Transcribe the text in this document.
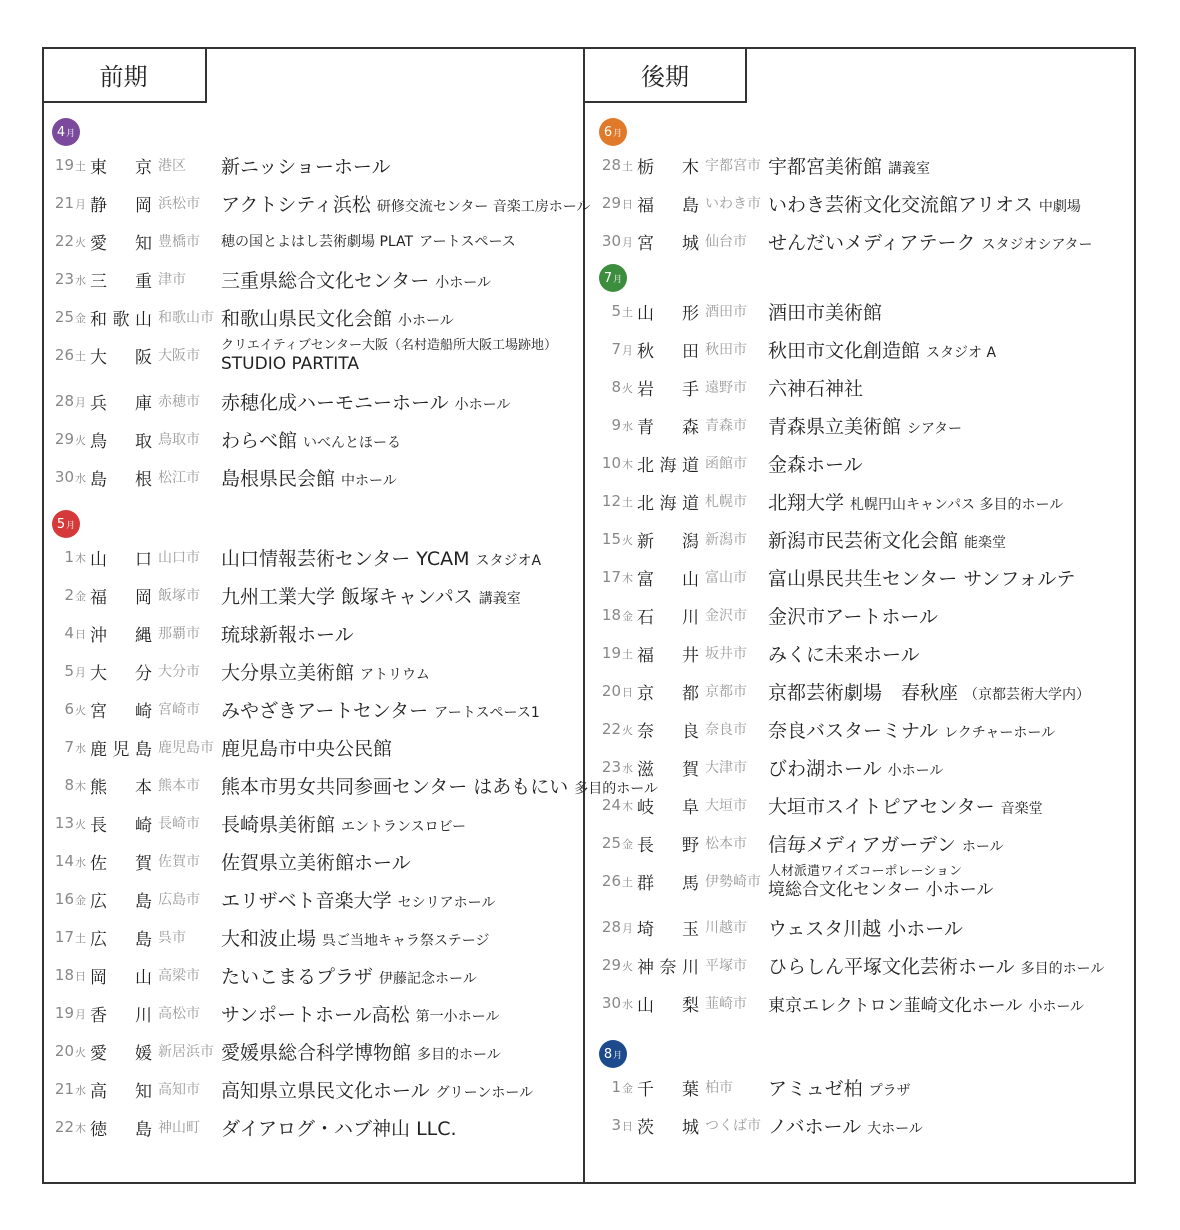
前期	後期
4 月
19土 東京 港区	新ニッショーホール
21月 静岡 浜松市	アクトシティ浜松 研修交流センター 音楽工房ホール
22火 愛知 豊橋市	穂の国とよはし芸術劇場 PLAT アートスペース
23水 三重 津市	三重県総合文化センター 小ホール
25金 和歌山 和歌山市 和歌山県民文化会館 小ホール
26土 大阪 大阪市
クリエイティブセンター大阪（名村造船所大阪工場跡地）
STUDIO PARTITA
28月 兵庫 赤穂市	赤穂化成ハーモニーホール 小ホール
29火 鳥取 鳥取市	わらべ館 いべんとほーる
30水 島根 松江市	島根県民会館 中ホール
5 月
1木 山口 山口市	山口情報芸術センター YCAM スタジオA
2金 福岡 飯塚市	九州工業大学 飯塚キャンパス 講義室
4日 沖縄 那覇市	琉球新報ホール
5月 大分 大分市	大分県立美術館 アトリウム
6火 宮崎 宮崎市	みやざきアートセンター アートスペース1
7水 鹿児島 鹿児島市 鹿児島市中央公民館
8木 熊本 熊本市	熊本市男女共同参画センター はあもにい 多目的ホール
13火 長崎 長崎市	長崎県美術館 エントランスロビー
14水 佐賀 佐賀市	佐賀県立美術館ホール
16金 広島 広島市	エリザベト音楽大学 セシリアホール
17土 広島 呉市	大和波止場 呉ご当地キャラ祭ステージ
18日 岡山 高梁市	たいこまるプラザ 伊藤記念ホール
19月 香川 高松市	サンポートホール高松 第一小ホール
20火 愛媛 新居浜市 愛媛県総合科学博物館 多目的ホール
21水 高知 高知市	高知県立県民文化ホール グリーンホール
22木 徳島 神山町	ダイアログ・ハブ神山 LLC.
6 月
28土 栃木 宇都宮市 宇都宮美術館 講義室
29日 福島 いわき市 いわき芸術文化交流館アリオス 中劇場
30月 宮城 仙台市	せんだいメディアテーク スタジオシアター
7 月
5土 山形 酒田市	酒田市美術館
7月 秋田 秋田市	秋田市文化創造館 スタジオ A
8火 岩手 遠野市	六神石神社
9水 青森 青森市	青森県立美術館 シアター
10木 北海道 函館市	金森ホール
12土 北海道 札幌市	北翔大学 札幌円山キャンパス 多目的ホール
15火 新潟 新潟市	新潟市民芸術文化会館 能楽堂
17木 富山 富山市	富山県民共生センター サンフォルテ
18金 石川 金沢市	金沢市アートホール
19土 福井 坂井市	みくに未来ホール
20日 京都 京都市	京都芸術劇場　春秋座 （京都芸術大学内）
22火 奈良 奈良市	奈良バスターミナル レクチャーホール
23水 滋賀 大津市	びわ湖ホール 小ホール
24木 岐阜 大垣市	大垣市スイトピアセンター 音楽堂
25金 長野 松本市	信毎メディアガーデン ホール
26土 群馬 伊勢崎市
人材派遣ワイズコーポレーション
境総合文化センター 小ホール
28月 埼玉 川越市	ウェスタ川越 小ホール
29火 神奈川 平塚市	ひらしん平塚文化芸術ホール 多目的ホール
30水 山梨 韮崎市	東京エレクトロン韮崎文化ホール 小ホール
8 月
1金 千葉 柏市	アミュゼ柏 プラザ
3日 茨城 つくば市 ノバホール 大ホール
